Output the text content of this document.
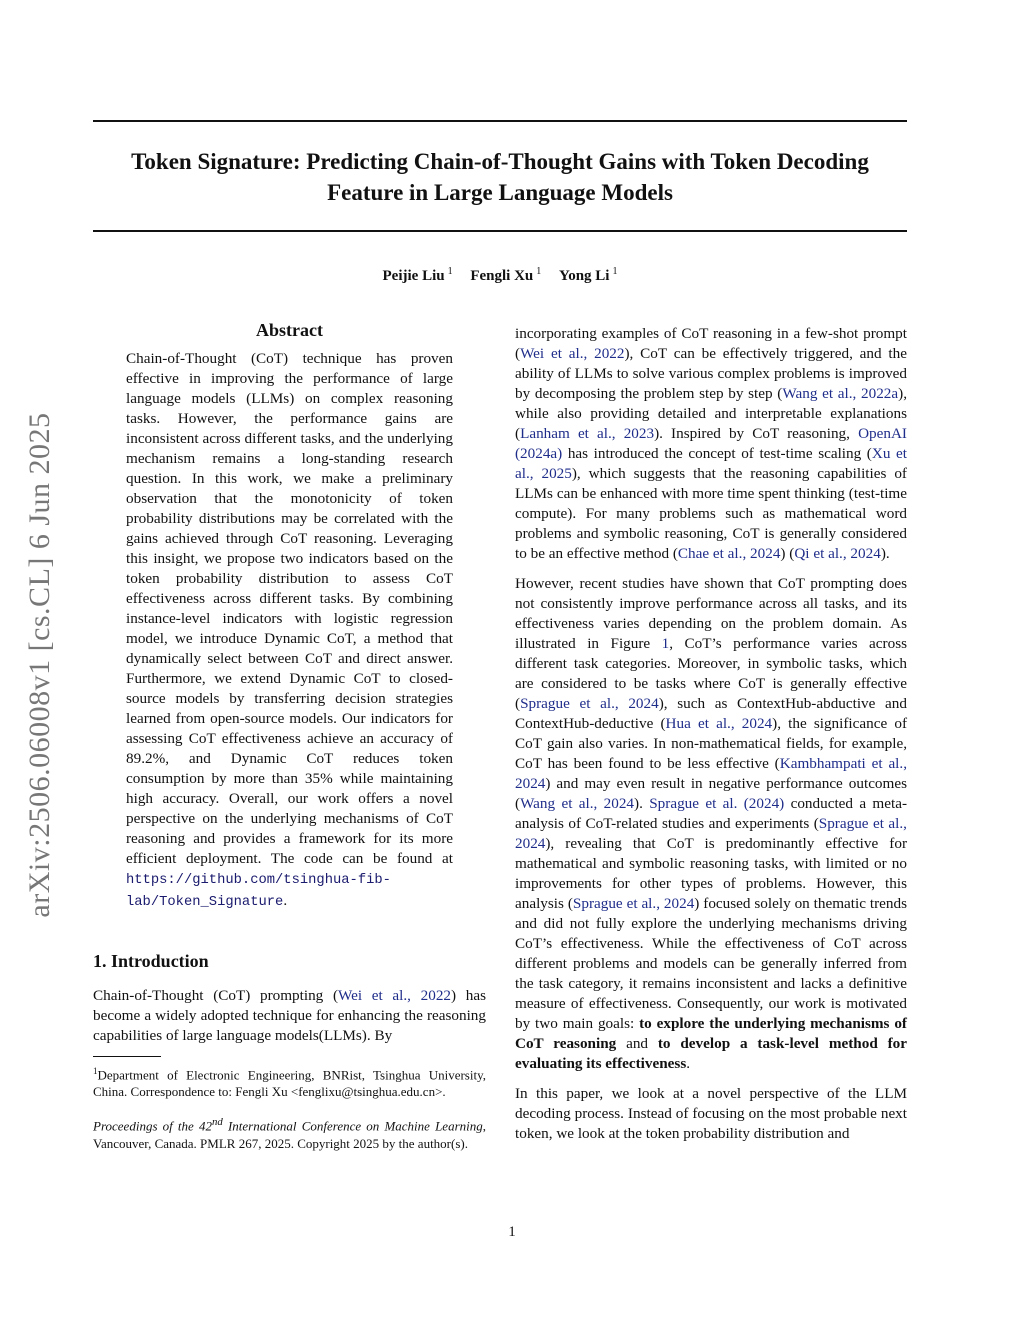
Token Signature: Predicting Chain-of-Thought Gains with Token Decoding Feature in Large Language Models
Peijie Liu $^1$ Fengli Xu $^1$ Yong Li $^1$
arXiv:2506.06008v1 [cs.CL] 6 Jun 2025
Abstract

Chain-of-Thought (CoT) technique has proven effective in improving the performance of large language models (LLMs) on complex reasoning tasks. However, the performance gains are inconsistent across different tasks, and the underlying mechanism remains a long-standing research question. In this work, we make a preliminary observation that the monotonicity of token probability distributions may be correlated with the gains achieved through CoT reasoning. Leveraging this insight, we propose two indicators based on the token probability distribution to assess CoT effectiveness across different tasks. By combining instance-level indicators with logistic regression model, we introduce Dynamic CoT, a method that dynamically select between CoT and direct answer. Furthermore, we extend Dynamic CoT to closed-source models by transferring decision strategies learned from open-source models. Our indicators for assessing CoT effectiveness achieve an accuracy of 89.2%, and Dynamic CoT reduces token consumption by more than 35% while maintaining high accuracy. Overall, our work offers a novel perspective on the underlying mechanisms of CoT reasoning and provides a framework for its more efficient deployment. The code can be found at https://github.com/tsinghua-fib-lab/Token_Signature.

1. Introduction

Chain-of-Thought (CoT) prompting (Wei et al., 2022) has become a widely adopted technique for enhancing the reasoning capabilities of large language models(LLMs). By

$^1$Department of Electronic Engineering, BNRist, Tsinghua University, China. Correspondence to: Fengli Xu <fenglixu@tsinghua.edu.cn>.

Proceedings of the 42nd International Conference on Machine Learning, Vancouver, Canada. PMLR 267, 2025. Copyright 2025 by the author(s).

incorporating examples of CoT reasoning in a few-shot prompt (Wei et al., 2022), CoT can be effectively triggered, and the ability of LLMs to solve various complex problems is improved by decomposing the problem step by step (Wang et al., 2022a), while also providing detailed and interpretable explanations (Lanham et al., 2023). Inspired by CoT reasoning, OpenAI (2024a) has introduced the concept of test-time scaling (Xu et al., 2025), which suggests that the reasoning capabilities of LLMs can be enhanced with more time spent thinking (test-time compute). For many problems such as mathematical word problems and symbolic reasoning, CoT is generally considered to be an effective method (Chae et al., 2024) (Qi et al., 2024).

However, recent studies have shown that CoT prompting does not consistently improve performance across all tasks, and its effectiveness varies depending on the problem domain. As illustrated in Figure 1, CoT’s performance varies across different task categories. Moreover, in symbolic tasks, which are considered to be tasks where CoT is generally effective (Sprague et al., 2024), such as ContextHub-abductive and ContextHub-deductive (Hua et al., 2024), the significance of CoT gain also varies. In non-mathematical fields, for example, CoT has been found to be less effective (Kambhampati et al., 2024) and may even result in negative performance outcomes (Wang et al., 2024). Sprague et al. (2024) conducted a meta-analysis of CoT-related studies and experiments (Sprague et al., 2024), revealing that CoT is predominantly effective for mathematical and symbolic reasoning tasks, with limited or no improvements for other types of problems. However, this analysis (Sprague et al., 2024) focused solely on thematic trends and did not fully explore the underlying mechanisms driving CoT’s effectiveness. While the effectiveness of CoT across different problems and models can be generally inferred from the task category, it remains inconsistent and lacks a definitive measure of effectiveness. Consequently, our work is motivated by two main goals: to explore the underlying mechanisms of CoT reasoning and to develop a task-level method for evaluating its effectiveness.

In this paper, we look at a novel perspective of the LLM decoding process. Instead of focusing on the most probable next token, we look at the token probability distribution and

1
